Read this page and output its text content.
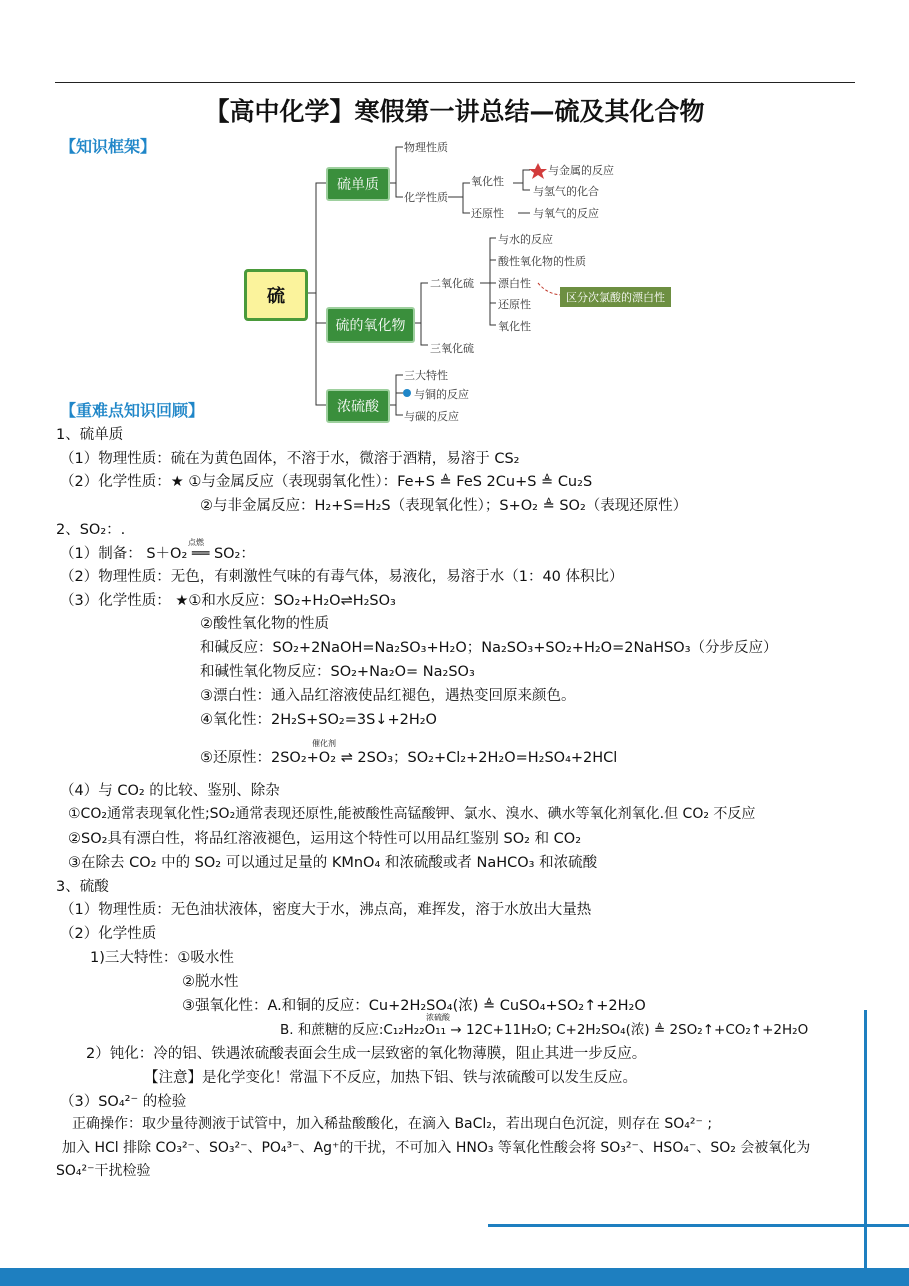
【高中化学】寒假第一讲总结—硫及其化合物
【知识框架】
硫
硫单质
物理性质
化学性质
氧化性
还原性
与金属的反应
与氢气的化合
与氧气的反应
硫的氧化物
二氧化硫
三氧化硫
与水的反应
酸性氧化物的性质
漂白性
还原性
氧化性
区分次氯酸的漂白性
浓硫酸
三大特性
与铜的反应
与碳的反应
【重难点知识回顾】
1、硫单质
（1）物理性质：硫在为黄色固体，不溶于水，微溶于酒精，易溶于 CS₂
（2）化学性质：★ ①与金属反应（表现弱氧化性）：Fe+S ≜ FeS 2Cu+S ≜ Cu₂S
②与非金属反应：H₂+S=H₂S（表现氧化性）；S+O₂ ≜ SO₂（表现还原性）
2、SO₂：.
（1）制备： S＋O₂ ══ SO₂：
点燃
（2）物理性质：无色，有刺激性气味的有毒气体，易液化，易溶于水（1：40 体积比）
（3）化学性质： ★①和水反应：SO₂+H₂O⇌H₂SO₃
②酸性氧化物的性质
和碱反应：SO₂+2NaOH=Na₂SO₃+H₂O；Na₂SO₃+SO₂+H₂O=2NaHSO₃（分步反应）
和碱性氧化物反应：SO₂+Na₂O= Na₂SO₃
③漂白性：通入品红溶液使品红褪色，遇热变回原来颜色。
④氧化性：2H₂S+SO₂=3S↓+2H₂O
催化剂
⑤还原性：2SO₂+O₂ ⇌ 2SO₃；SO₂+Cl₂+2H₂O=H₂SO₄+2HCl
（4）与 CO₂ 的比较、鉴别、除杂
①CO₂通常表现氧化性;SO₂通常表现还原性,能被酸性高锰酸钾、氯水、溴水、碘水等氧化剂氧化.但 CO₂ 不反应
②SO₂具有漂白性，将品红溶液褪色，运用这个特性可以用品红鉴别 SO₂ 和 CO₂
③在除去 CO₂ 中的 SO₂ 可以通过足量的 KMnO₄ 和浓硫酸或者 NaHCO₃ 和浓硫酸
3、硫酸
（1）物理性质：无色油状液体，密度大于水，沸点高，难挥发，溶于水放出大量热
（2）化学性质
1)三大特性：①吸水性
②脱水性
③强氧化性：A.和铜的反应：Cu+2H₂SO₄(浓) ≜ CuSO₄+SO₂↑+2H₂O
浓硫酸
B. 和蔗糖的反应:C₁₂H₂₂O₁₁ → 12C+11H₂O; C+2H₂SO₄(浓) ≜ 2SO₂↑+CO₂↑+2H₂O
2）钝化：冷的铝、铁遇浓硫酸表面会生成一层致密的氧化物薄膜，阻止其进一步反应。
【注意】是化学变化！常温下不反应，加热下铝、铁与浓硫酸可以发生反应。
（3）SO₄²⁻ 的检验
正确操作：取少量待测液于试管中，加入稀盐酸酸化，在滴入 BaCl₂，若出现白色沉淀，则存在 SO₄²⁻ ;
加入 HCl 排除 CO₃²⁻、SO₃²⁻、PO₄³⁻、Ag⁺的干扰，不可加入 HNO₃ 等氧化性酸会将 SO₃²⁻、HSO₄⁻、SO₂ 会被氧化为
SO₄²⁻干扰检验
